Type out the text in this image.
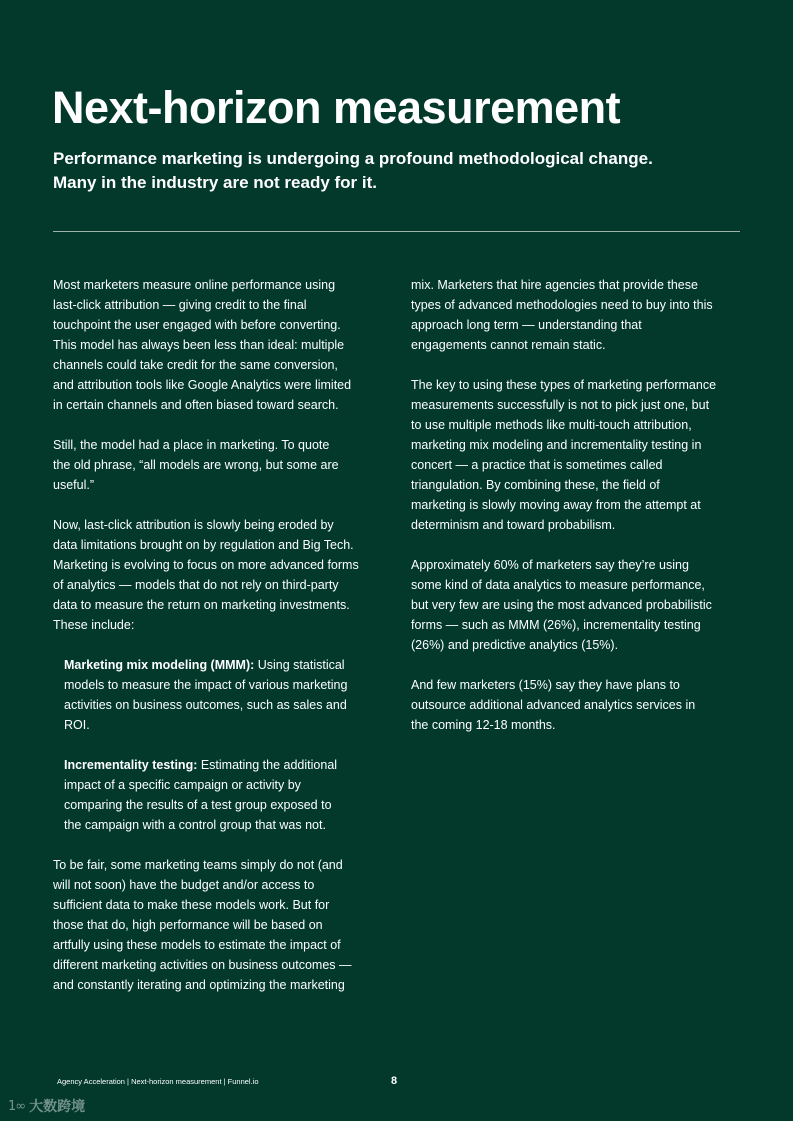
Next-horizon measurement
Performance marketing is undergoing a profound methodological change.
Many in the industry are not ready for it.

Most marketers measure online performance using
last-click attribution — giving credit to the final
touchpoint the user engaged with before converting.
This model has always been less than ideal: multiple
channels could take credit for the same conversion,
and attribution tools like Google Analytics were limited
in certain channels and often biased toward search.

Still, the model had a place in marketing. To quote
the old phrase, “all models are wrong, but some are
useful.”

Now, last-click attribution is slowly being eroded by
data limitations brought on by regulation and Big Tech.
Marketing is evolving to focus on more advanced forms
of analytics — models that do not rely on third-party
data to measure the return on marketing investments.
These include:

Marketing mix modeling (MMM): Using statistical
models to measure the impact of various marketing
activities on business outcomes, such as sales and
ROI.

Incrementality testing: Estimating the additional
impact of a specific campaign or activity by
comparing the results of a test group exposed to
the campaign with a control group that was not.

To be fair, some marketing teams simply do not (and
will not soon) have the budget and/or access to
sufficient data to make these models work. But for
those that do, high performance will be based on
artfully using these models to estimate the impact of
different marketing activities on business outcomes —
and constantly iterating and optimizing the marketing

mix. Marketers that hire agencies that provide these
types of advanced methodologies need to buy into this
approach long term — understanding that
engagements cannot remain static.

The key to using these types of marketing performance
measurements successfully is not to pick just one, but
to use multiple methods like multi-touch attribution,
marketing mix modeling and incrementality testing in
concert — a practice that is sometimes called
triangulation. By combining these, the field of
marketing is slowly moving away from the attempt at
determinism and toward probabilism.

Approximately 60% of marketers say they’re using
some kind of data analytics to measure performance,
but very few are using the most advanced probabilistic
forms — such as MMM (26%), incrementality testing
(26%) and predictive analytics (15%).

And few marketers (15%) say they have plans to
outsource additional advanced analytics services in
the coming 12-18 months.

Agency Acceleration | Next-horizon measurement | Funnel.io	8
1∞ 大数跨境
